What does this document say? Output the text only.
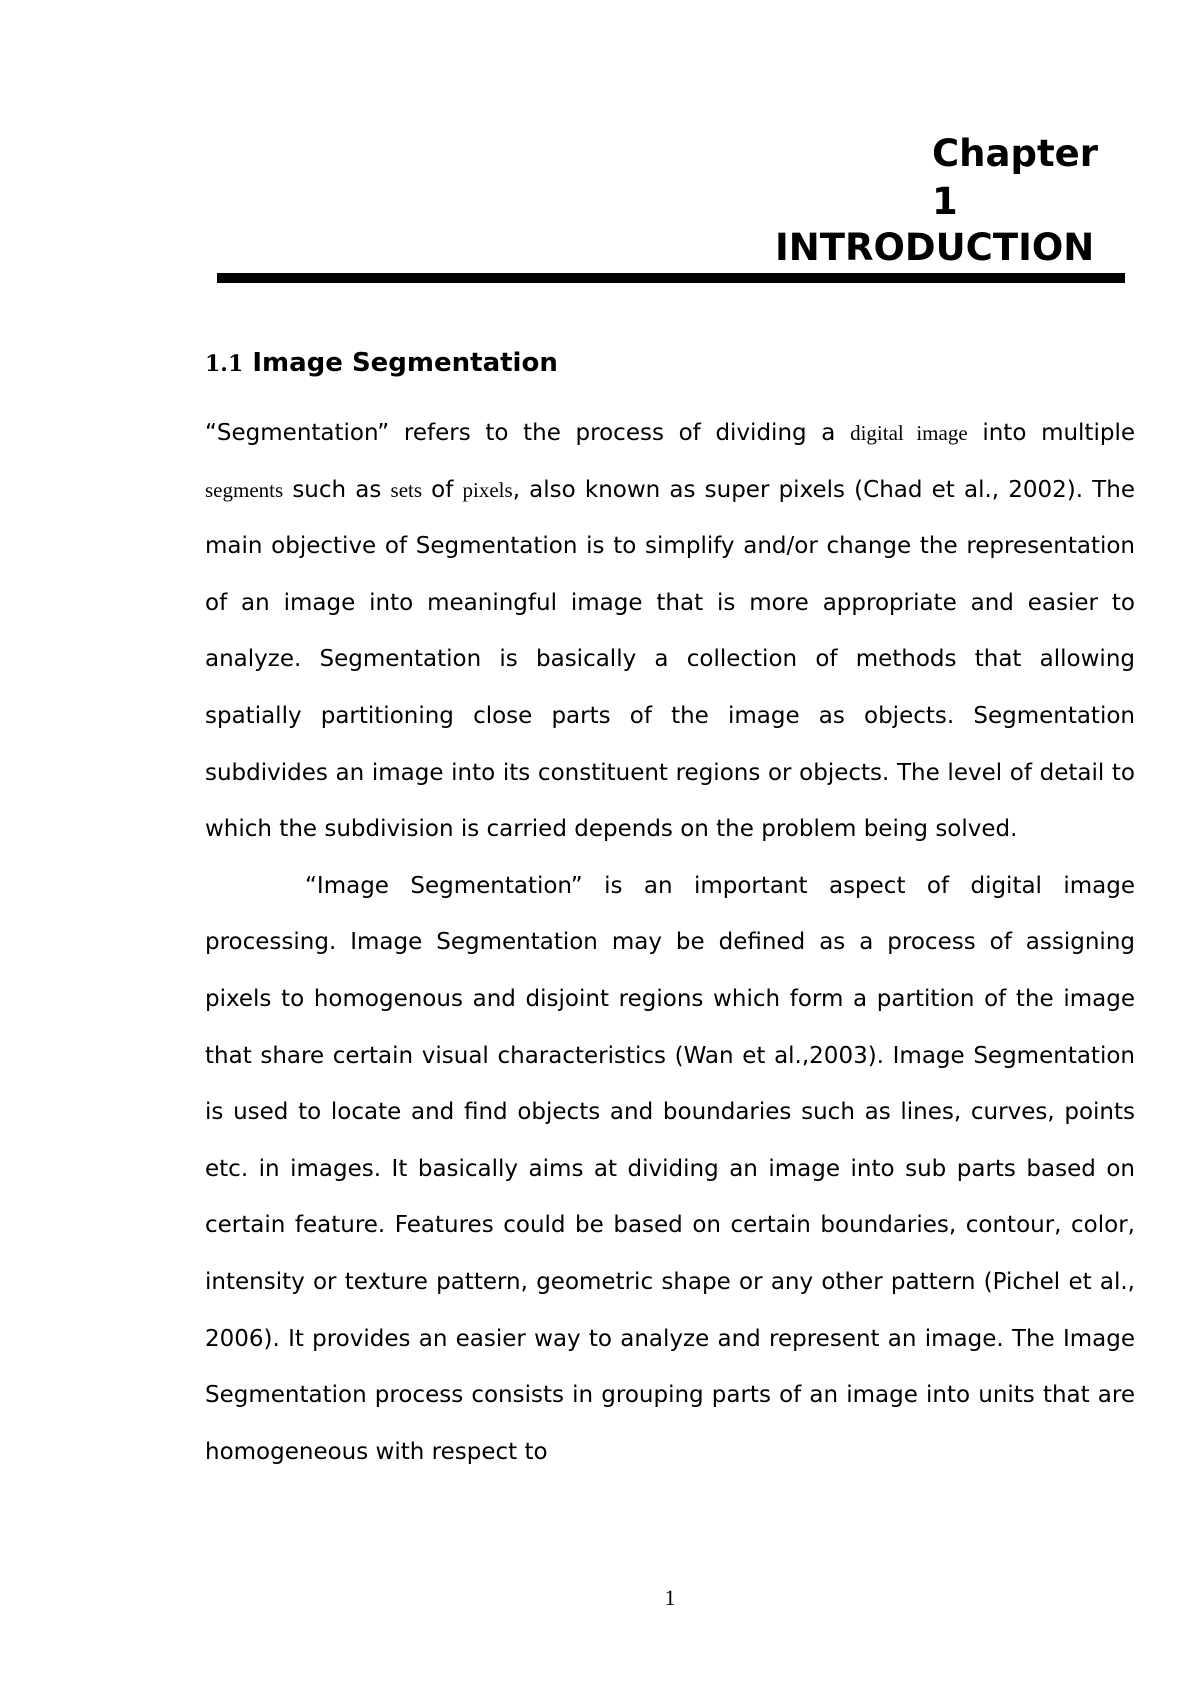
Chapter
1
INTRODUCTION
1.1 Image Segmentation

“Segmentation” refers to the process of dividing a digital image into multiple segments such as sets of pixels, also known as super pixels (Chad et al., 2002). The main objective of Segmentation is to simplify and/or change the representation of an image into meaningful image that is more appropriate and easier to analyze. Segmentation is basically a collection of methods that allowing spatially partitioning close parts of the image as objects. Segmentation subdivides an image into its constituent regions or objects. The level of detail to which the subdivision is carried depends on the problem being solved.

“Image Segmentation” is an important aspect of digital image processing. Image Segmentation may be defined as a process of assigning pixels to homogenous and disjoint regions which form a partition of the image that share certain visual characteristics (Wan et al.,2003). Image Segmentation is used to locate and find objects and boundaries such as lines, curves, points etc. in images. It basically aims at dividing an image into sub parts based on certain feature. Features could be based on certain boundaries, contour, color, intensity or texture pattern, geometric shape or any other pattern (Pichel et al., 2006). It provides an easier way to analyze and represent an image. The Image Segmentation process consists in grouping parts of an image into units that are homogeneous with respect to

1
